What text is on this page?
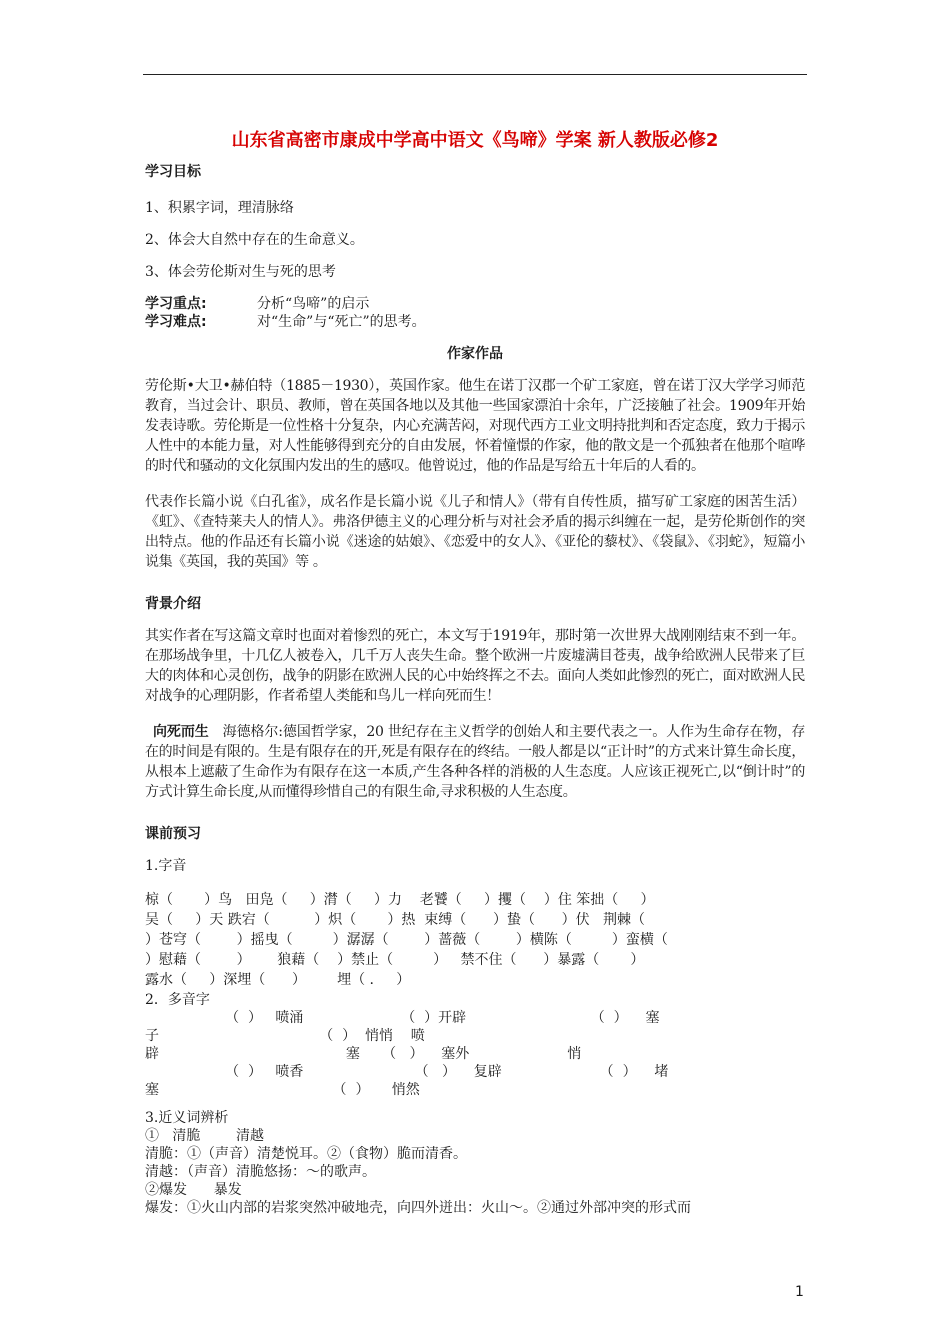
山东省高密市康成中学高中语文《鸟啼》学案 新人教版必修2
学习目标
1、积累字词，理清脉络
2、体会大自然中存在的生命意义。
3、体会劳伦斯对生与死的思考
学习重点:	分析“鸟啼”的启示
学习难点:	对“生命”与“死亡”的思考。
作家作品
劳伦斯•大卫•赫伯特（1885－1930），英国作家。他生在诺丁汉郡一个矿工家庭，曾在诺丁汉大学学习师范教育，当过会计、职员、教师，曾在英国各地以及其他一些国家漂泊十余年，广泛接触了社会。1909年开始发表诗歌。劳伦斯是一位性格十分复杂，内心充满苦闷，对现代西方工业文明持批判和否定态度，致力于揭示人性中的本能力量，对人性能够得到充分的自由发展，怀着憧憬的作家，他的散文是一个孤独者在他那个喧哗的时代和骚动的文化氛围内发出的生的感叹。他曾说过，他的作品是写给五十年后的人看的。
代表作长篇小说《白孔雀》，成名作是长篇小说《儿子和情人》（带有自传性质，描写矿工家庭的困苦生活）《虹》、《查特莱夫人的情人》。弗洛伊德主义的心理分析与对社会矛盾的揭示纠缠在一起，是劳伦斯创作的突出特点。他的作品还有长篇小说《迷途的姑娘》、《恋爱中的女人》、《亚伦的藜杖》、《袋鼠》、《羽蛇》，短篇小说集《英国，我的英国》等 。
背景介绍
其实作者在写这篇文章时也面对着惨烈的死亡，本文写于1919年，那时第一次世界大战刚刚结束不到一年。在那场战争里，十几亿人被卷入，几千万人丧失生命。整个欧洲一片废墟满目苍夷，战争给欧洲人民带来了巨大的肉体和心灵创伤，战争的阴影在欧洲人民的心中始终挥之不去。面向人类如此惨烈的死亡，面对欧洲人民对战争的心理阴影，作者希望人类能和鸟儿一样向死而生！
向死而生 海德格尔:德国哲学家，20 世纪存在主义哲学的创始人和主要代表之一。人作为生命存在物，存在的时间是有限的。生是有限存在的开,死是有限存在的终结。一般人都是以“正计时”的方式来计算生命长度，从根本上遮蔽了生命作为有限存在这一本质,产生各种各样的消极的人生态度。人应该正视死亡,以“倒计时”的方式计算生命长度,从而懂得珍惜自己的有限生命,寻求积极的人生态度。
课前预习
1.字音
椋（       ）鸟   田凫（     ）潸（     ）力    老饕（     ）攫（    ）住 笨拙（     ）
吴（     ）天 跌宕（          ）炽（       ）热  束缚（      ）蛰（      ）伏   荆棘（
）苍穹（        ）摇曳（         ）潺潺（        ）蔷薇（        ）横陈（         ）蛮横（
）慰藉（        ）      狼藉（    ）禁止（         ）   禁不住（      ）暴露（       ）
露水（     ）深埋（      ）       埋（ .     ）
2．多音字
（  ）   喷涌                      （  ）开辟                            （  ）    塞
子                                    （  ）  悄悄    喷
辟                                          塞     （   ）    塞外                      悄
（  ）   喷香                         （   ）    复辟                      （  ）    堵
塞                                       （  ）     悄然
3.近义词辨析
①   清脆        清越
清脆：①（声音）清楚悦耳。②（食物）脆而清香。
清越：（声音）清脆悠扬：～的歌声。
②爆发      暴发
爆发：①火山内部的岩浆突然冲破地壳，向四外迸出：火山～。②通过外部冲突的形式而
1
